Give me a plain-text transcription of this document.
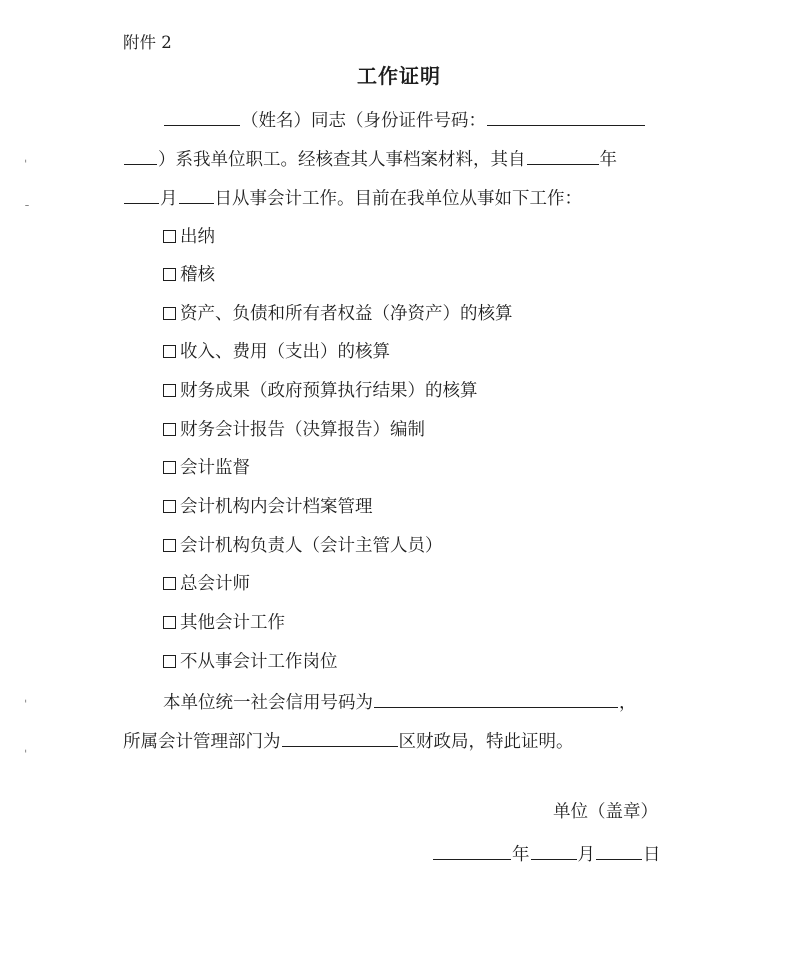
附件 2
工作证明
（姓名）同志（身份证件号码：
）系我单位职工。经核查其人事档案材料，其自	年
月 日从事会计工作。目前在我单位从事如下工作：
出纳
稽核
资产、负债和所有者权益（净资产）的核算
收入、费用（支出）的核算
财务成果（政府预算执行结果）的核算
财务会计报告（决算报告）编制
会计监督
会计机构内会计档案管理
会计机构负责人（会计主管人员）
总会计师
其他会计工作
不从事会计工作岗位
本单位统一社会信用号码为	，
所属会计管理部门为	区财政局，特此证明。
单位（盖章）
年	月	日
ˌ
ˉ
ˌ
ˌ
